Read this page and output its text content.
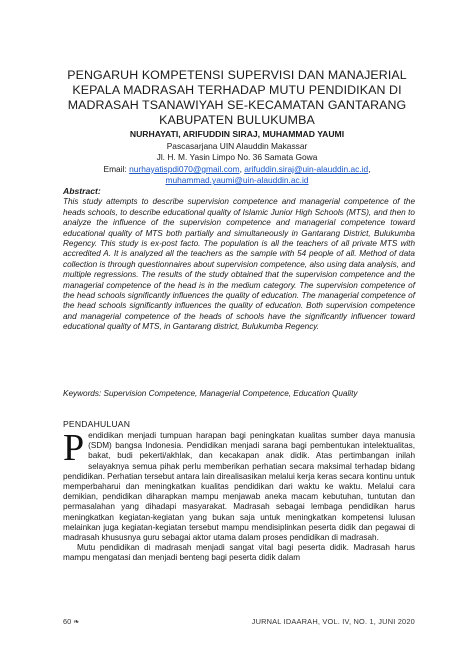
PENGARUH KOMPETENSI SUPERVISI DAN MANAJERIAL
KEPALA MADRASAH TERHADAP MUTU PENDIDIKAN DI
MADRASAH TSANAWIYAH SE-KECAMATAN GANTARANG
KABUPATEN BULUKUMBA
NURHAYATI, ARIFUDDIN SIRAJ, MUHAMMAD YAUMI
Pascasarjana UIN Alauddin Makassar
Jl. H. M. Yasin Limpo No. 36 Samata Gowa
Email: nurhayatispdi070@gmail.com, arifuddin.siraj@uin-alauddin.ac.id,
muhammad.yaumi@uin-alauddin.ac.id
Abstract:
This study attempts to describe supervision competence and managerial competence of the heads schools, to describe educational quality of Islamic Junior High Schools (MTS), and then to analyze the influence of the supervision competence and managerial competence toward educational quality of MTS both partially and simultaneously in Gantarang District, Bulukumba Regency. This study is ex-post facto. The population is all the teachers of all private MTS with accredited A. It is analyzed all the teachers as the sample with 54 people of all. Method of data collection is through questionnaires about supervision competence, also using data analysis, and multiple regressions. The results of the study obtained that the supervision competence and the managerial competence of the head is in the medium category. The supervision competence of the head schools significantly influences the quality of education. The managerial competence of the head schools significantly influences the quality of education. Both supervision competence and managerial competence of the heads of schools have the significantly influencer toward educational quality of MTS, in Gantarang district, Bulukumba Regency.
Keywords: Supervision Competence, Managerial Competence, Education Quality
PENDAHULUAN

Pendidikan menjadi tumpuan harapan bagi peningkatan kualitas sumber daya manusia (SDM) bangsa Indonesia. Pendidikan menjadi sarana bagi pembentukan intelektualitas, bakat, budi pekerti/akhlak, dan kecakapan anak didik. Atas pertimbangan inilah selayaknya semua pihak perlu memberikan perhatian secara maksimal terhadap bidang pendidikan. Perhatian tersebut antara lain direalisasikan melalui kerja keras secara kontinu untuk memperbaharui dan meningkatkan kualitas pendidikan dari waktu ke waktu. Melalui cara demikian, pendidikan diharapkan mampu menjawab aneka macam kebutuhan, tuntutan dan permasalahan yang dihadapi masyarakat. Madrasah sebagai lembaga pendidikan harus meningkatkan kegiatan-kegiatan yang bukan saja untuk meningkatkan kompetensi lulusan melainkan juga kegiatan-kegiatan tersebut mampu mendisiplinkan peserta didik dan pegawai di madrasah khususnya guru sebagai aktor utama dalam proses pendidikan di madrasah.

Mutu pendidikan di madrasah menjadi sangat vital bagi peserta didik. Madrasah harus mampu mengatasi dan menjadi benteng bagi peserta didik dalam

60 ❧	JURNAL IDAARAH, VOL. IV, NO. 1, JUNI 2020
